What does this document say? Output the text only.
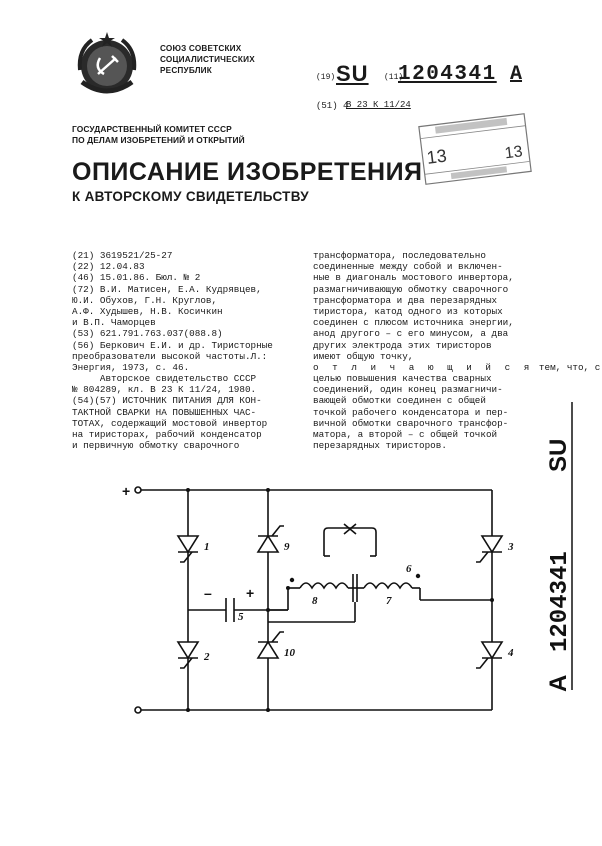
СОЮЗ СОВЕТСКИХ
СОЦИАЛИСТИЧЕСКИХ
РЕСПУБЛИК
(19) SU (11)
1204341 A
(51) 4
В 23 К 11/24
ГОСУДАРСТВЕННЫЙ КОМИТЕТ СССР
ПО ДЕЛАМ ИЗОБРЕТЕНИЙ И ОТКРЫТИЙ
13	13
ОПИСАНИЕ ИЗОБРЕТЕНИЯ
К АВТОРСКОМУ СВИДЕТЕЛЬСТВУ
(21) 3619521/25-27
(22) 12.04.83
(46) 15.01.86. Бюл. № 2
(72) В.И. Матисен, Е.А. Кудрявцев,
Ю.И. Обухов, Г.Н. Круглов,
А.Ф. Худышев, Н.В. Косичкин
и В.П. Чаморцев
(53) 621.791.763.037(088.8)
(56) Беркович Е.И. и др. Тиристорные
преобразователи высокой частоты.Л.:
Энергия, 1973, с. 46.
Авторское свидетельство СССР
№ 804289, кл. В 23 К 11/24, 1980.
(54)(57) ИСТОЧНИК ПИТАНИЯ ДЛЯ КОН-
ТАКТНОЙ СВАРКИ НА ПОВЫШЕННЫХ ЧАС-
ТОТАХ, содержащий мостовой инвертор
на тиристорах, рабочий конденсатор
и первичную обмотку сварочного
трансформатора, последовательно
соединенные между собой и включен-
ные в диагональ мостового инвертора,
размагничивающую обмотку сварочного
трансформатора и два перезарядных
тиристора, катод одного из которых
соединен с плюсом источника энергии,
анод другого – с его минусом, а два
других электрода этих тиристоров
имеют общую точку,
о т л и ч а ю щ и й с я тем, что, с
целью повышения качества сварных
соединений, один конец размагничи-
вающей обмотки соединен с общей
точкой рабочего конденсатора и пер-
вичной обмотки сварочного трансфор-
матора, а второй – с общей точкой
перезарядных тиристоров.
A
1204341
SU
+
– +
1
2
3
4
5
6
7
8
9
10
